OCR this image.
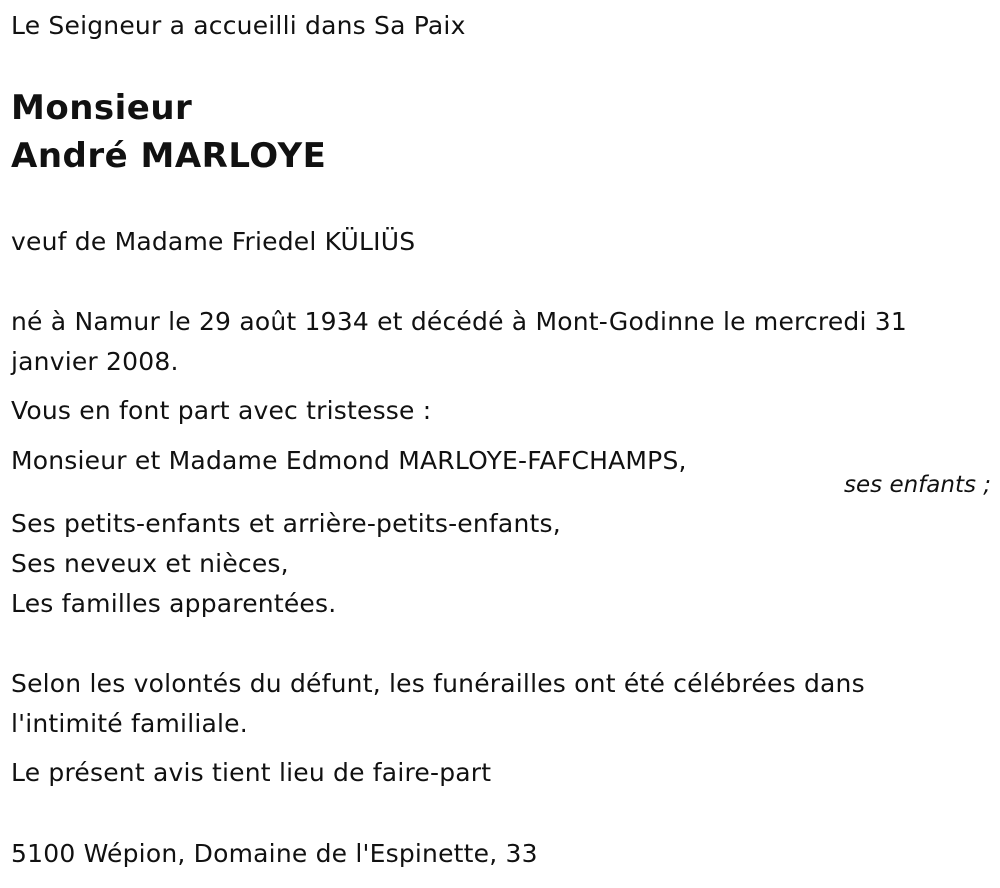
Le Seigneur a accueilli dans Sa Paix
Monsieur
André MARLOYE
veuf de Madame Friedel KÜLIÜS
né à Namur le 29 août 1934 et décédé à Mont-Godinne le mercredi 31 janvier 2008.
Vous en font part avec tristesse :
Monsieur et Madame Edmond MARLOYE-FAFCHAMPS,
ses enfants ;
Ses petits-enfants et arrière-petits-enfants,
Ses neveux et nièces,
Les familles apparentées.
Selon les volontés du défunt, les funérailles ont été célébrées dans l'intimité familiale.
Le présent avis tient lieu de faire-part
5100 Wépion, Domaine de l'Espinette, 33
